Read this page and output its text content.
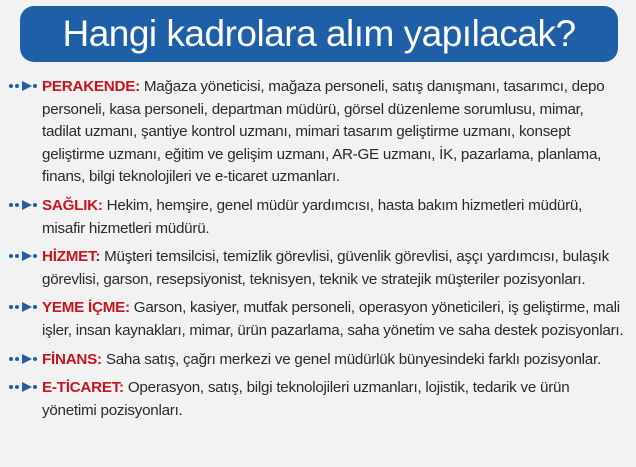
Hangi kadrolara alım yapılacak?
PERAKENDE: Mağaza yöneticisi, mağaza personeli, satış danışmanı, tasarımcı, depo personeli, kasa personeli, departman müdürü, görsel düzenleme sorumlusu, mimar, tadilat uzmanı, şantiye kontrol uzmanı, mimari tasarım geliştirme uzmanı, konsept geliştirme uzmanı, eğitim ve gelişim uzmanı, AR-GE uzmanı, İK, pazarlama, planlama, finans, bilgi teknolojileri ve e-ticaret uzmanları.
SAĞLIK: Hekim, hemşire, genel müdür yardımcısı, hasta bakım hizmetleri müdürü, misafir hizmetleri müdürü.
HİZMET: Müşteri temsilcisi, temizlik görevlisi, güvenlik görevlisi, aşçı yardımcısı, bulaşık görevlisi, garson, resepsiyonist, teknisyen, teknik ve stratejik müşteriler pozisyonları.
YEME İÇME: Garson, kasiyer, mutfak personeli, operasyon yöneticileri, iş geliştirme, mali işler, insan kaynakları, mimar, ürün pazarlama, saha yönetim ve saha destek pozisyonları.
FİNANS: Saha satış, çağrı merkezi ve genel müdürlük bünyesindeki farklı pozisyonlar.
E-TİCARET: Operasyon, satış, bilgi teknolojileri uzmanları, lojistik, tedarik ve ürün yönetimi pozisyonları.
